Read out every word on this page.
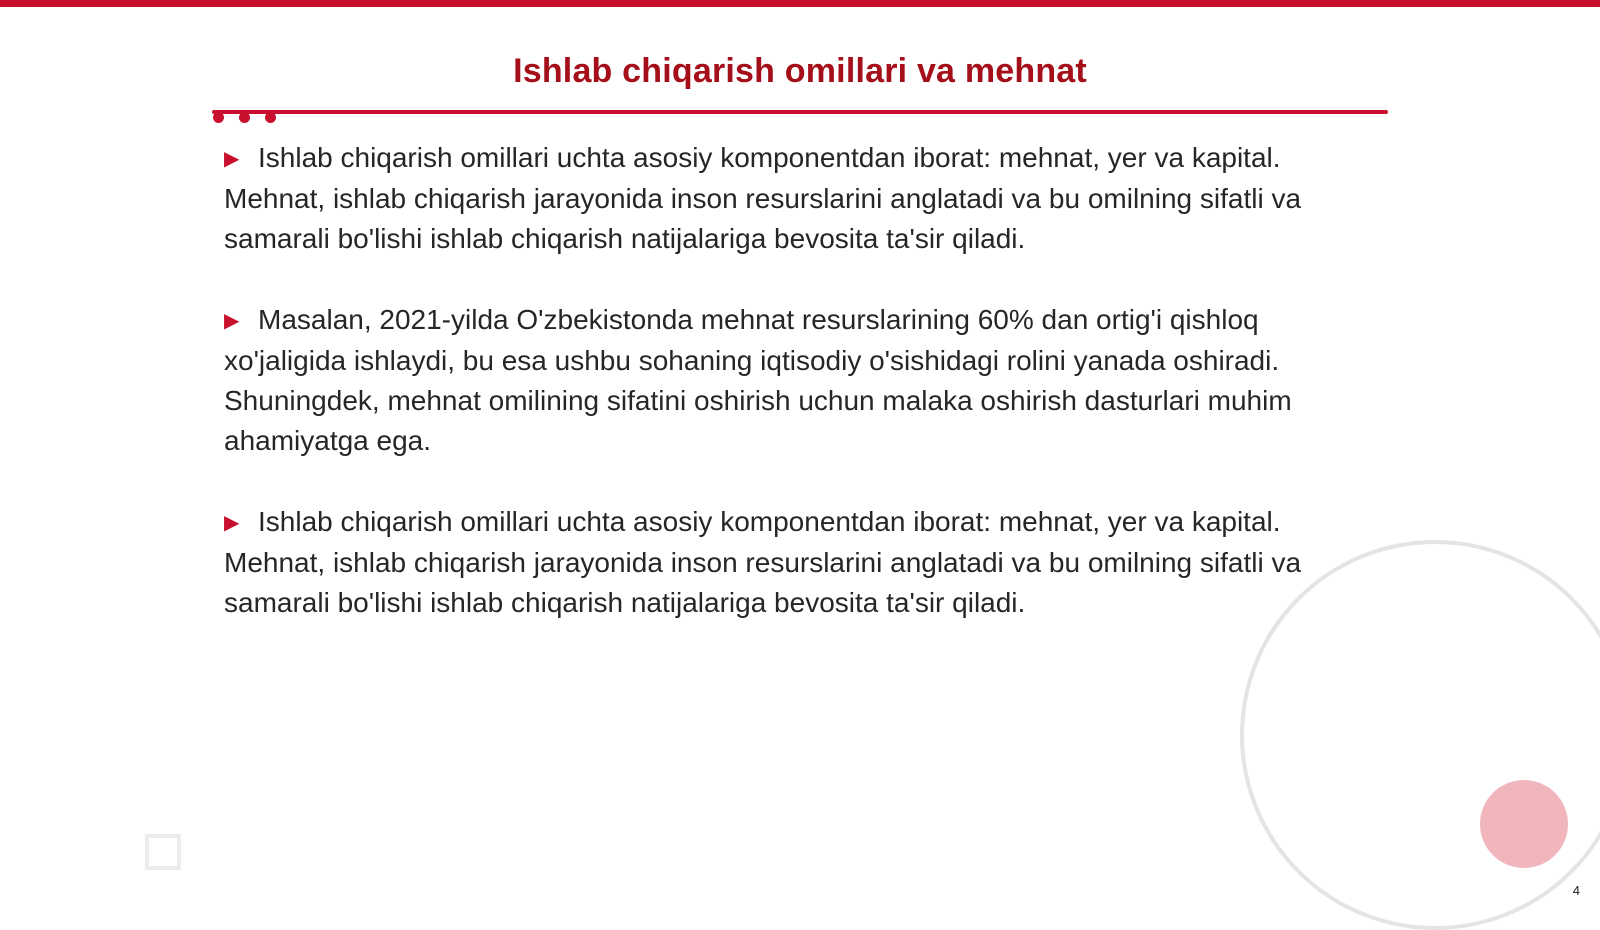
Ishlab chiqarish omillari va mehnat

▶ Ishlab chiqarish omillari uchta asosiy komponentdan iborat: mehnat, yer va kapital. Mehnat, ishlab chiqarish jarayonida inson resurslarini anglatadi va bu omilning sifatli va samarali bo'lishi ishlab chiqarish natijalariga bevosita ta'sir qiladi.

▶ Masalan, 2021-yilda O'zbekistonda mehnat resurslarining 60% dan ortig'i qishloq xo'jaligida ishlaydi, bu esa ushbu sohaning iqtisodiy o'sishidagi rolini yanada oshiradi. Shuningdek, mehnat omilining sifatini oshirish uchun malaka oshirish dasturlari muhim ahamiyatga ega.

▶ Ishlab chiqarish omillari uchta asosiy komponentdan iborat: mehnat, yer va kapital. Mehnat, ishlab chiqarish jarayonida inson resurslarini anglatadi va bu omilning sifatli va samarali bo'lishi ishlab chiqarish natijalariga bevosita ta'sir qiladi.

4
